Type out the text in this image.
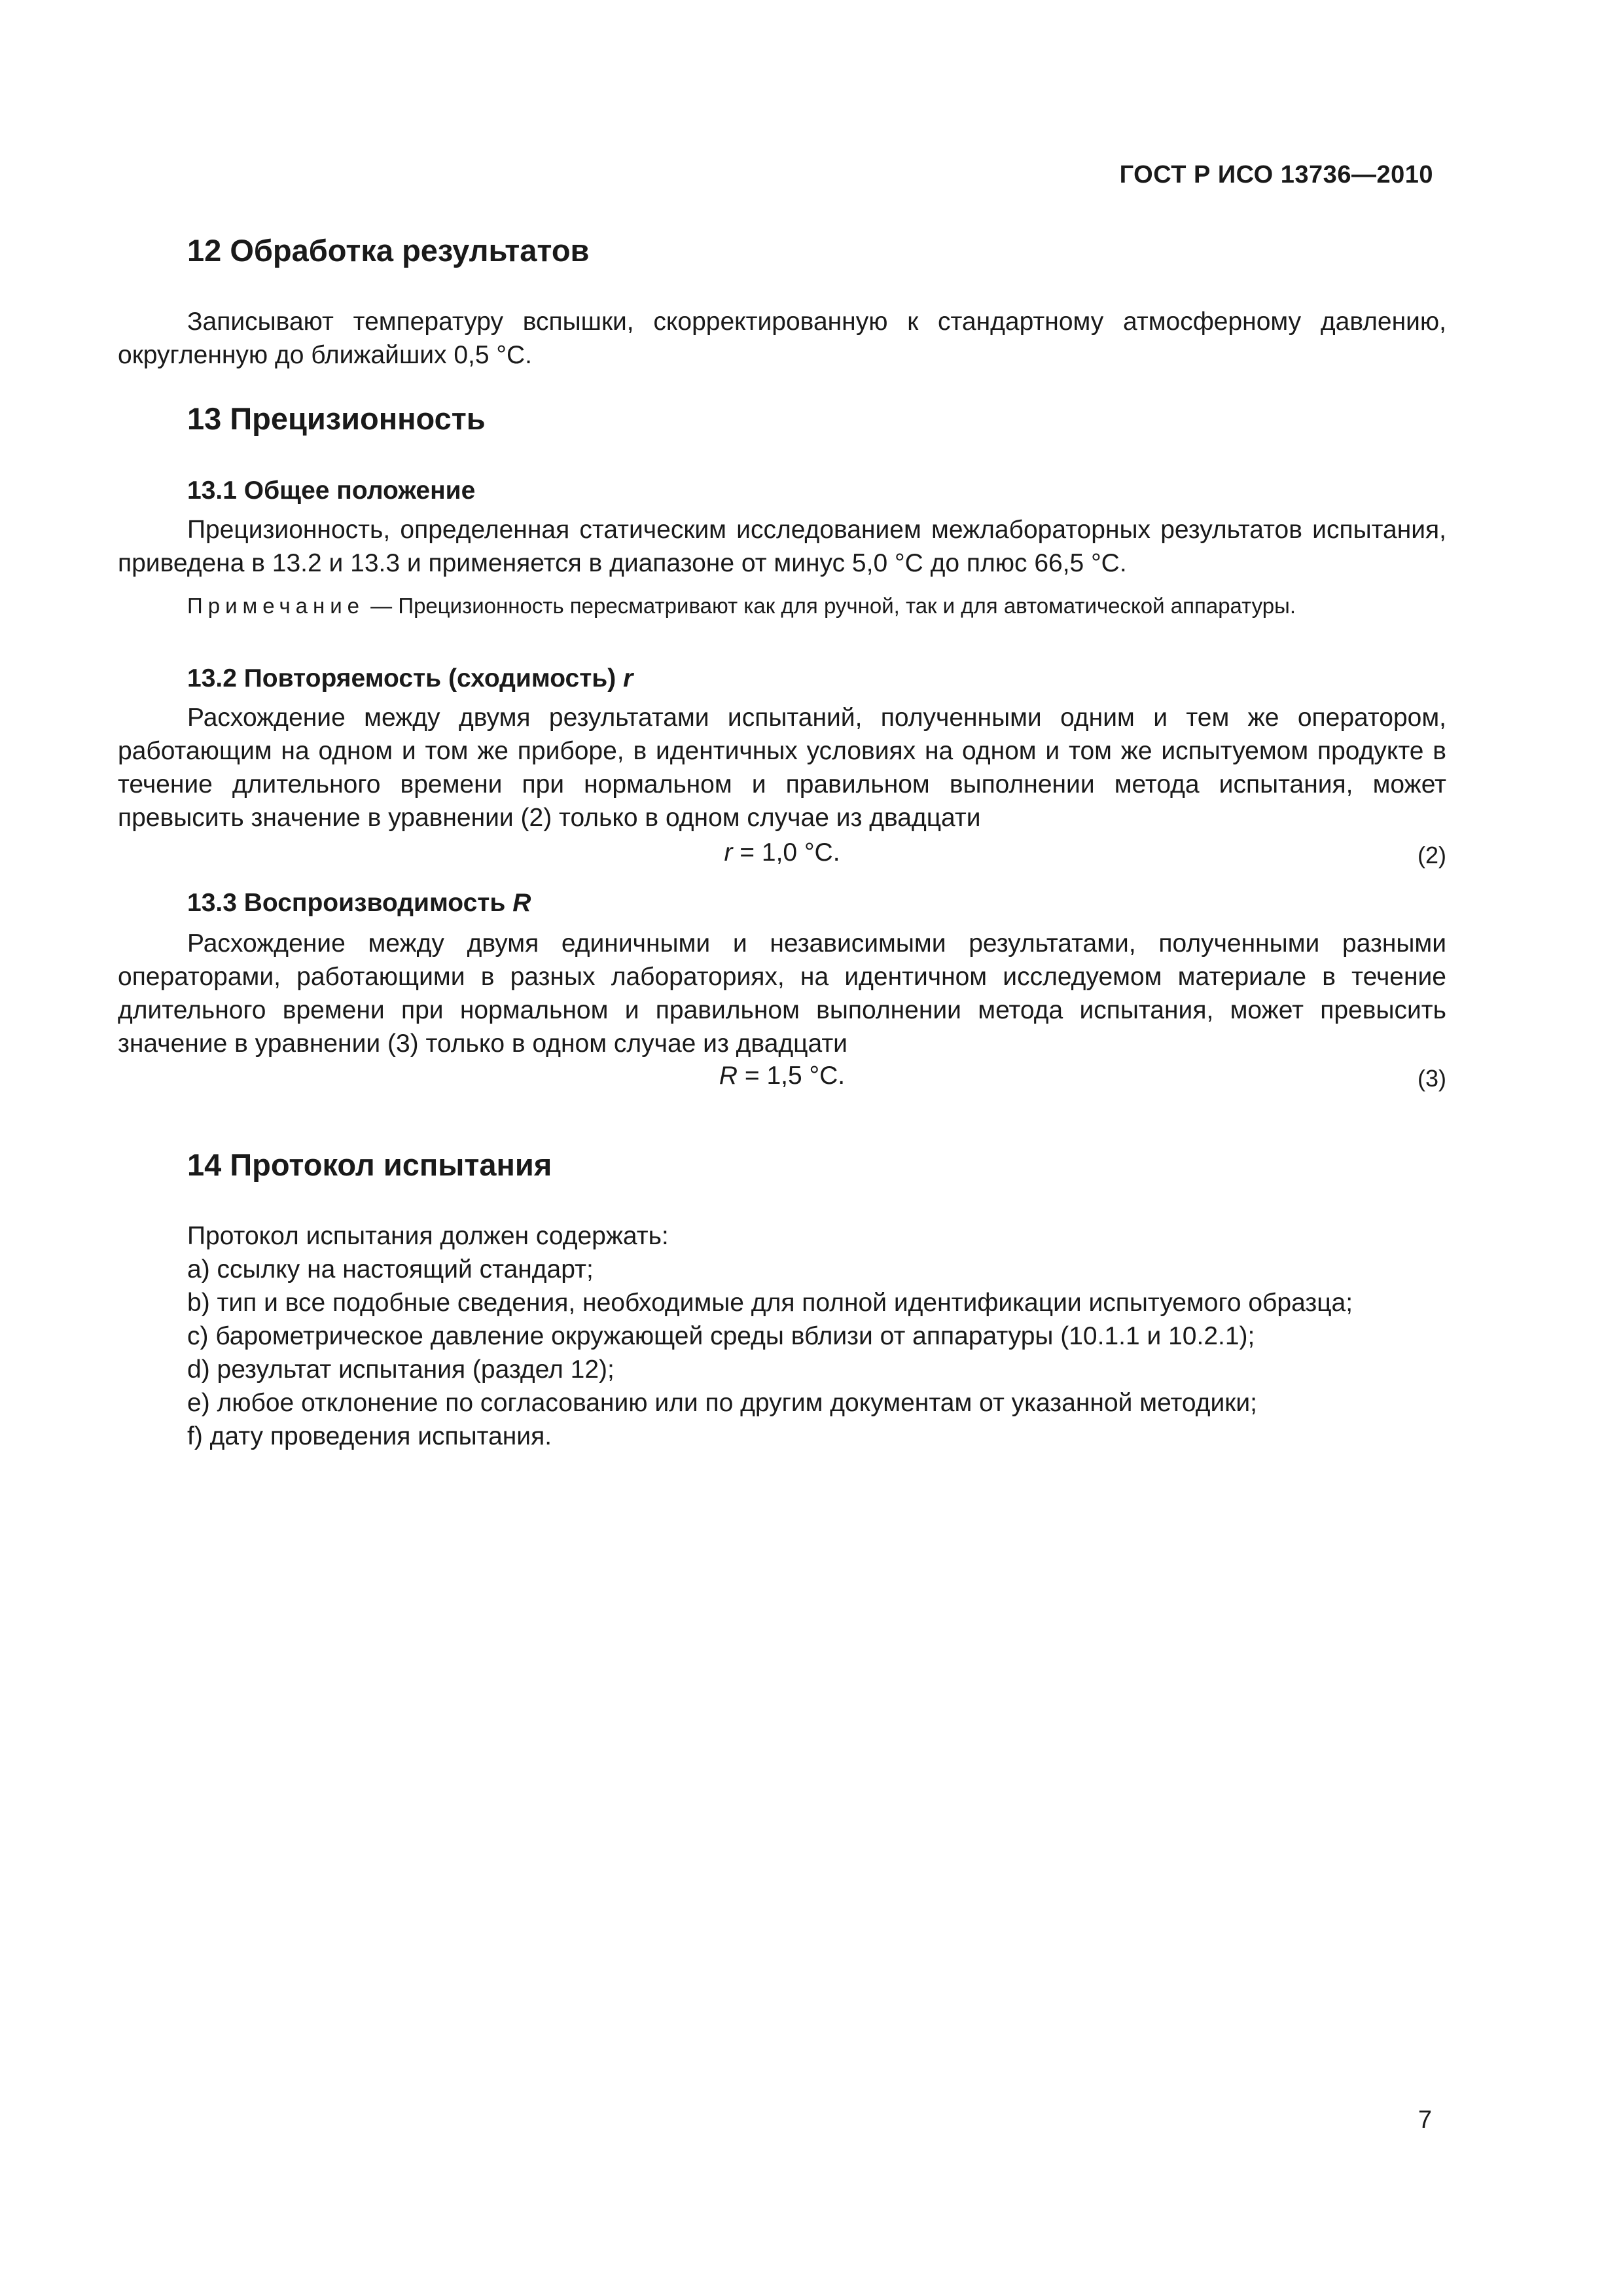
ГОСТ Р ИСО 13736—2010
12 Обработка результатов
Записывают температуру вспышки, скорректированную к стандартному атмосферному давлению, округленную до ближайших 0,5 °С.
13 Прецизионность
13.1 Общее положение
Прецизионность, определенная статическим исследованием межлабораторных результатов испытания, приведена в 13.2 и 13.3 и применяется в диапазоне от минус 5,0 °С до плюс 66,5 °С.
Примечание — Прецизионность пересматривают как для ручной, так и для автоматической аппаратуры.
13.2 Повторяемость (сходимость) r
Расхождение между двумя результатами испытаний, полученными одним и тем же оператором, работающим на одном и том же приборе, в идентичных условиях на одном и том же испытуемом продукте в течение длительного времени при нормальном и правильном выполнении метода испытания, может превысить значение в уравнении (2) только в одном случае из двадцати
r = 1,0 °С.	(2)
13.3 Воспроизводимость R
Расхождение между двумя единичными и независимыми результатами, полученными разными операторами, работающими в разных лабораториях, на идентичном исследуемом материале в течение длительного времени при нормальном и правильном выполнении метода испытания, может превысить значение в уравнении (3) только в одном случае из двадцати
R = 1,5 °С.	(3)
14 Протокол испытания
Протокол испытания должен содержать:
а) ссылку на настоящий стандарт;
b) тип и все подобные сведения, необходимые для полной идентификации испытуемого образца;
с) барометрическое давление окружающей среды вблизи от аппаратуры (10.1.1 и 10.2.1);
d) результат испытания (раздел 12);
е) любое отклонение по согласованию или по другим документам от указанной методики;
f) дату проведения испытания.
7
